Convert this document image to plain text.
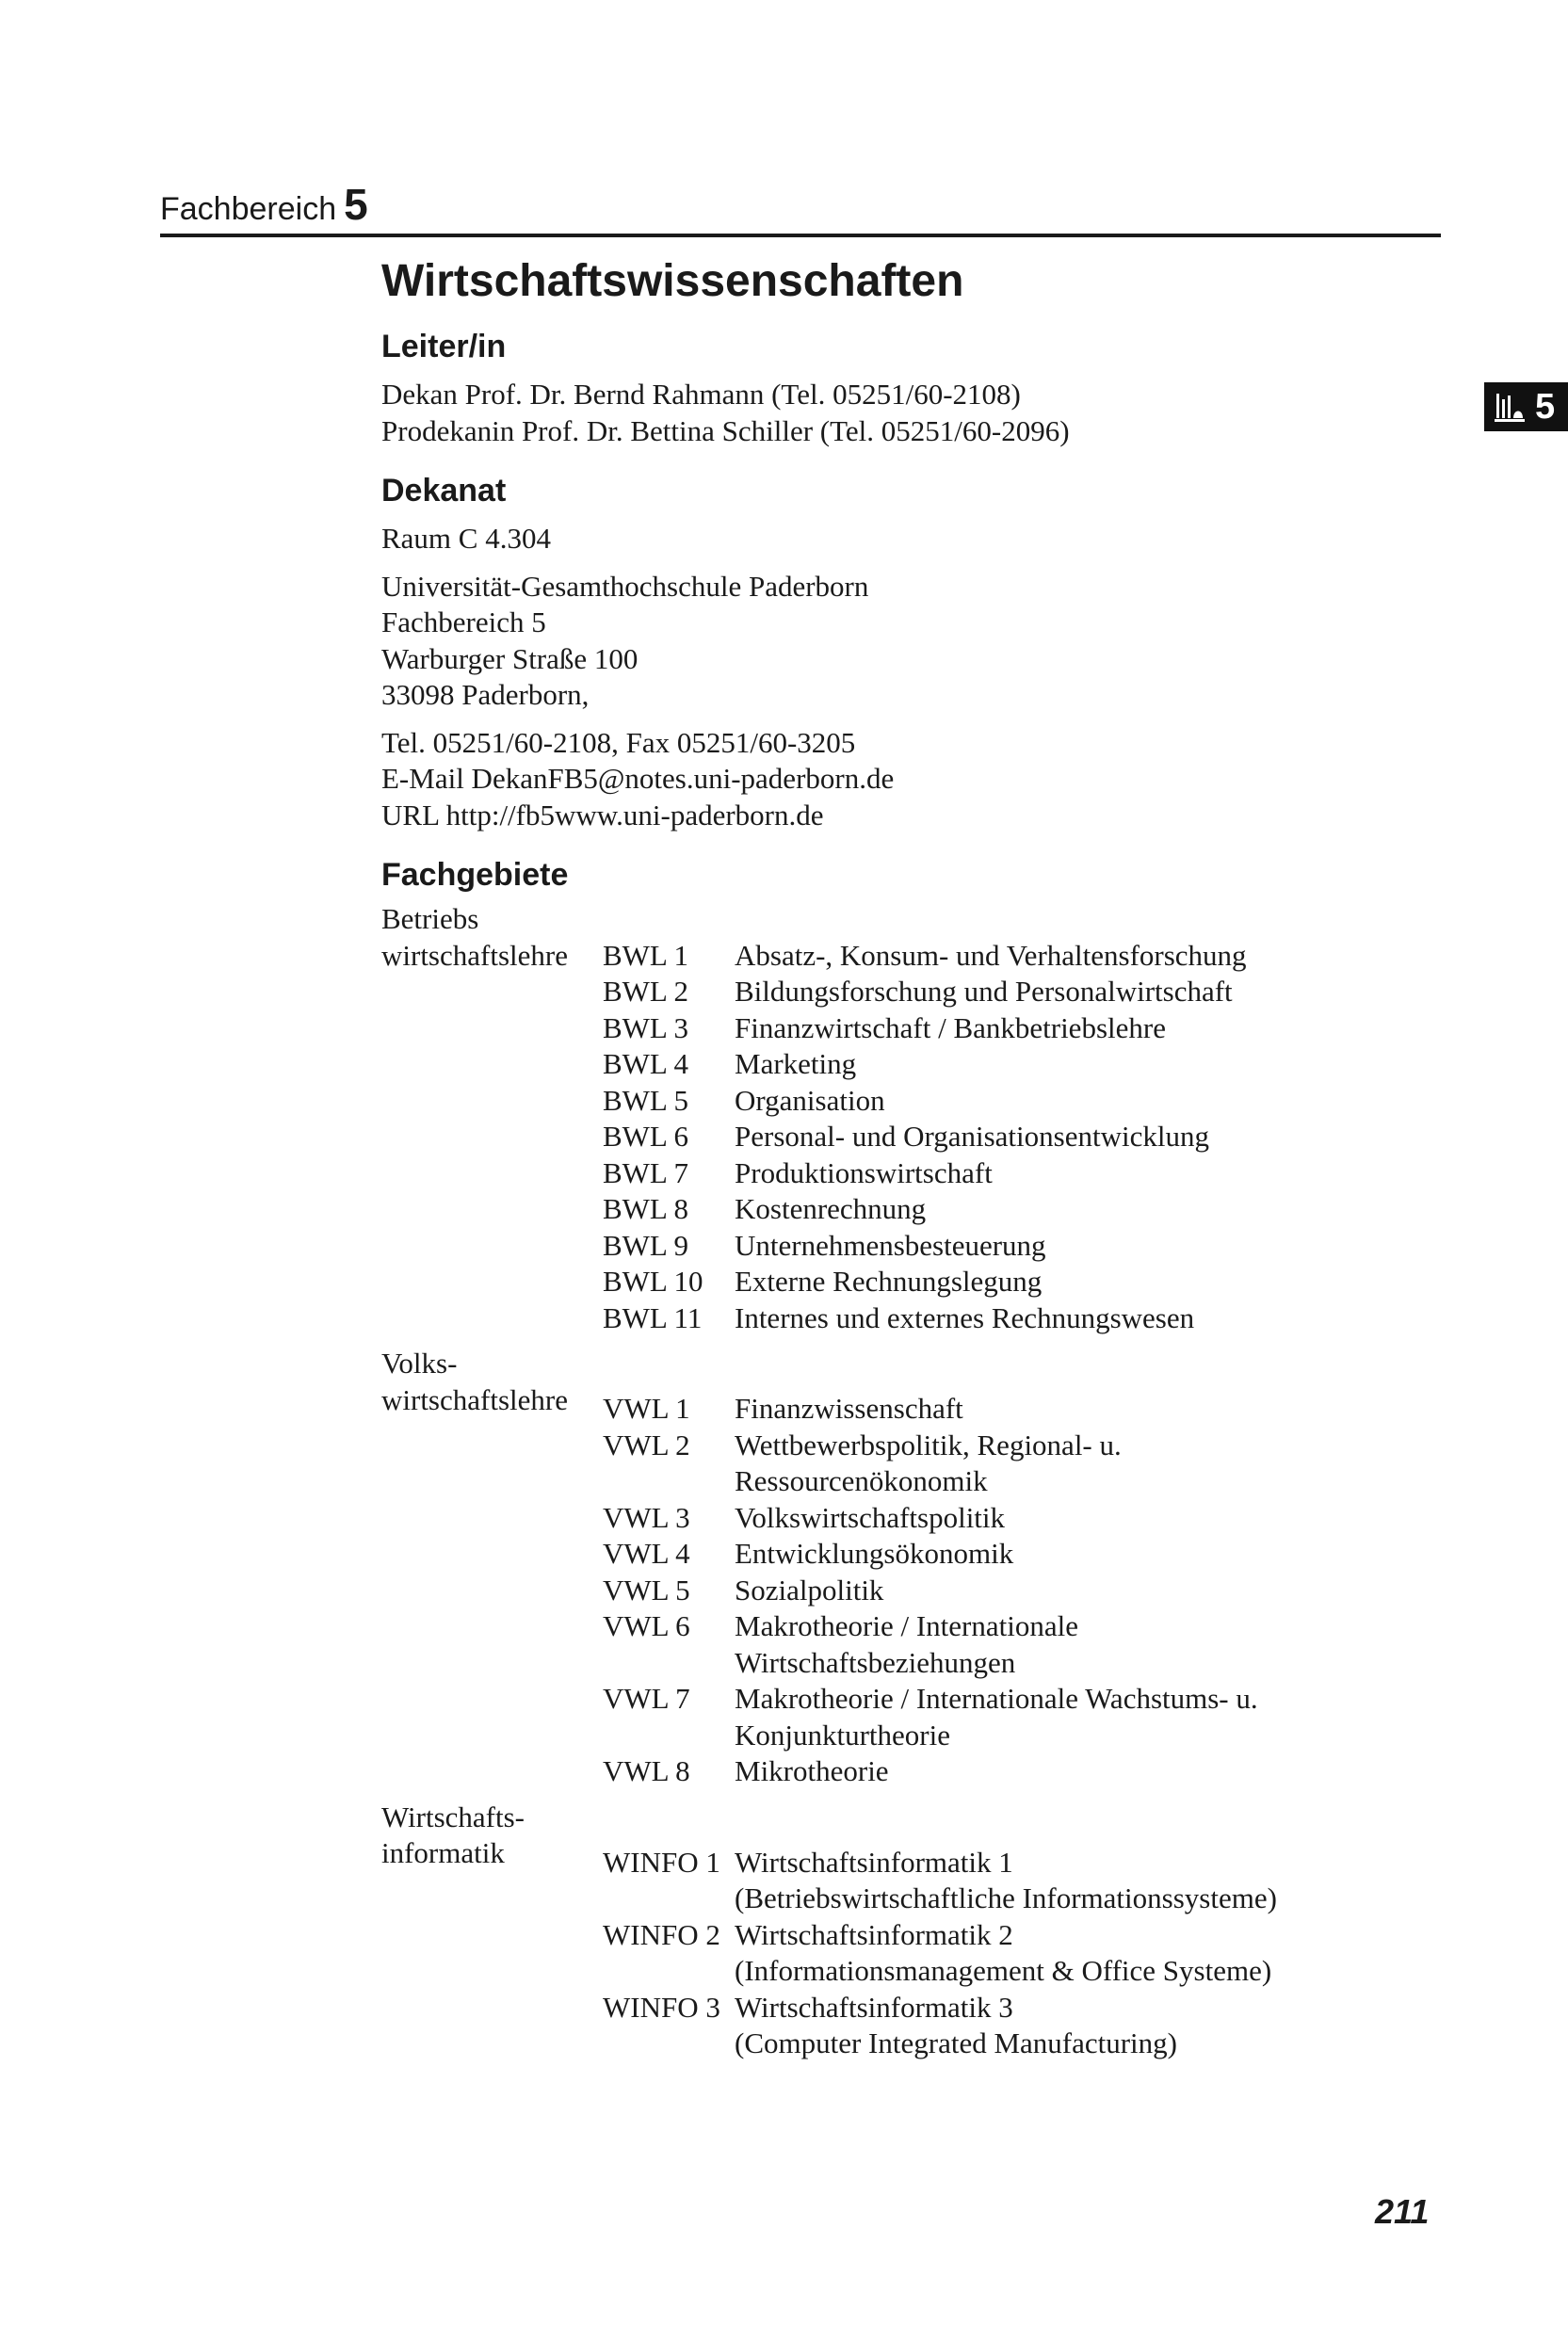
Fachbereich 5
5
Wirtschaftswissenschaften
Leiter/in
Dekan Prof. Dr. Bernd Rahmann (Tel. 05251/60-2108)
Prodekanin Prof. Dr. Bettina Schiller (Tel. 05251/60-2096)
Dekanat
Raum C 4.304
Universität-Gesamthochschule Paderborn
Fachbereich 5
Warburger Straße 100
33098 Paderborn,
Tel. 05251/60-2108, Fax 05251/60-3205
E-Mail DekanFB5@notes.uni-paderborn.de
URL http://fb5www.uni-paderborn.de
Fachgebiete
Betriebs
wirtschaftslehre BWL 1	Absatz-, Konsum- und Verhaltensforschung

BWL 2	Bildungsforschung und Personalwirtschaft

BWL 3	Finanzwirtschaft / Bankbetriebslehre

BWL 4	Marketing

BWL 5	Organisation

BWL 6	Personal- und Organisationsentwicklung

BWL 7	Produktionswirtschaft

BWL 8	Kostenrechnung

BWL 9	Unternehmensbesteuerung

BWL 10	Externe Rechnungslegung

BWL 11	Internes und externes Rechnungswesen
Volks-
wirtschaftslehre VWL 1	Finanzwissenschaft

VWL 2	Wettbewerbspolitik, Regional- u.
Ressourcenökonomik

VWL 3	Volkswirtschaftspolitik

VWL 4	Entwicklungsökonomik

VWL 5	Sozialpolitik

VWL 6	Makrotheorie / Internationale
Wirtschaftsbeziehungen

VWL 7	Makrotheorie / Internationale Wachstums- u.
Konjunkturtheorie

VWL 8	Mikrotheorie
Wirtschafts-
informatik	WINFO 1	Wirtschaftsinformatik 1
(Betriebswirtschaftliche Informationssysteme)

WINFO 2	Wirtschaftsinformatik 2
(Informationsmanagement & Office Systeme)

WINFO 3	Wirtschaftsinformatik 3
(Computer Integrated Manufacturing)
211
